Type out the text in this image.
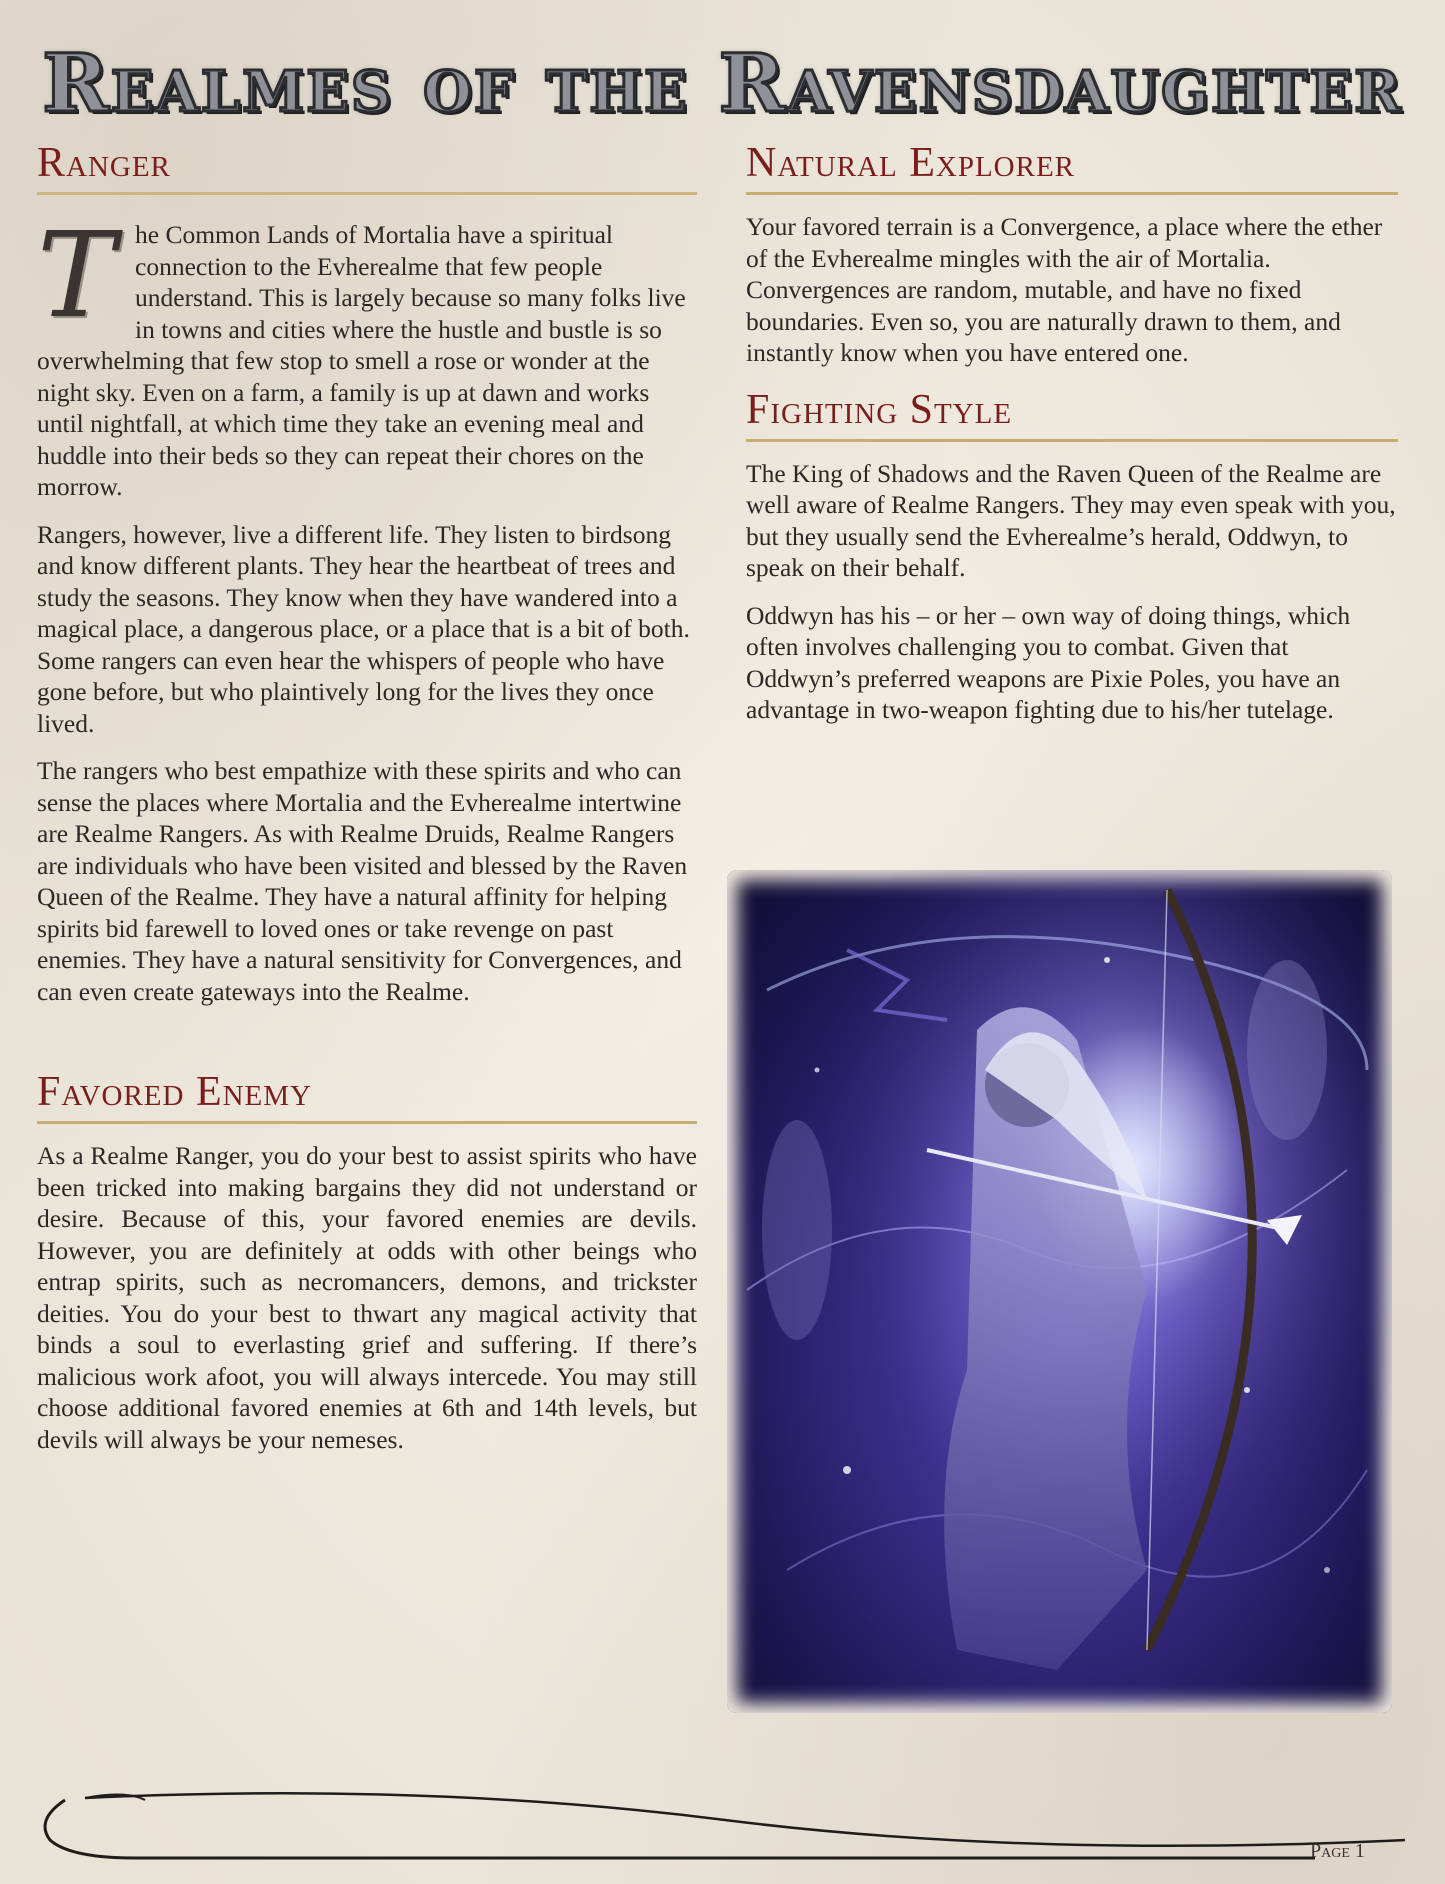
Realmes of the Ravensdaughter
Ranger

The Common Lands of Mortalia have a spiritual connection to the Evherealme that few people understand. This is largely because so many folks live in towns and cities where the hustle and bustle is so overwhelming that few stop to smell a rose or wonder at the night sky. Even on a farm, a family is up at dawn and works until nightfall, at which time they take an evening meal and huddle into their beds so they can repeat their chores on the morrow.

Rangers, however, live a different life. They listen to birdsong and know different plants. They hear the heartbeat of trees and study the seasons. They know when they have wandered into a magical place, a dangerous place, or a place that is a bit of both. Some rangers can even hear the whispers of people who have gone before, but who plaintively long for the lives they once lived.

The rangers who best empathize with these spirits and who can sense the places where Mortalia and the Evherealme intertwine are Realme Rangers. As with Realme Druids, Realme Rangers are individuals who have been visited and blessed by the Raven Queen of the Realme. They have a natural affinity for helping spirits bid farewell to loved ones or take revenge on past enemies. They have a natural sensitivity for Convergences, and can even create gateways into the Realme.

Favored Enemy

As a Realme Ranger, you do your best to assist spirits who have been tricked into making bargains they did not understand or desire. Because of this, your favored enemies are devils. However, you are definitely at odds with other beings who entrap spirits, such as necromancers, demons, and trickster deities. You do your best to thwart any magical activity that binds a soul to everlasting grief and suffering. If there’s malicious work afoot, you will always intercede. You may still choose additional favored enemies at 6th and 14th levels, but devils will always be your nemeses.

Natural Explorer

Your favored terrain is a Convergence, a place where the ether of the Evherealme mingles with the air of Mortalia. Convergences are random, mutable, and have no fixed boundaries. Even so, you are naturally drawn to them, and instantly know when you have entered one.

Fighting Style

The King of Shadows and the Raven Queen of the Realme are well aware of Realme Rangers. They may even speak with you, but they usually send the Evherealme’s herald, Oddwyn, to speak on their behalf.

Oddwyn has his – or her – own way of doing things, which often involves challenging you to combat. Given that Oddwyn’s preferred weapons are Pixie Poles, you have an advantage in two-weapon fighting due to his/her tutelage.

Page 1
